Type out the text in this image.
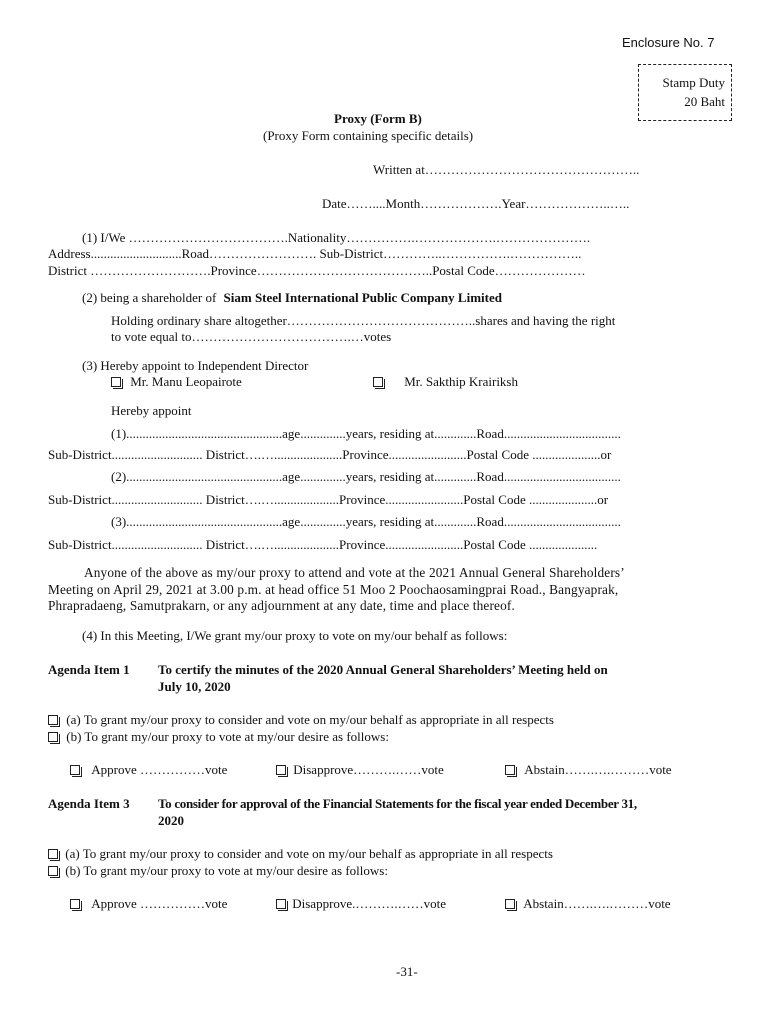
Enclosure No. 7
Stamp Duty
20 Baht
Proxy (Form B)
(Proxy Form containing specific details)
Written at…………………………………………..
Date……....Month……………….Year………………..…..
(1) I/We ……………………………….Nationality…………….……………….………………….
Address............................Road……………………. Sub-District…………..…………….……………..
District ……………………….Province…………………………………..Postal Code…………………
(2) being a shareholder of Siam Steel International Public Company Limited
Holding ordinary share altogether……………………………………..shares and having the right
to vote equal to……………………………….…votes
(3) Hereby appoint to Independent Director
Mr. Manu Leopairote	Mr. Sakthip Krairiksh
Hereby appoint
(1)................................................age..............years, residing at.............Road....................................
Sub-District............................ District….….....................Province........................Postal Code .....................or
(2)................................................age..............years, residing at.............Road....................................
Sub-District............................ District….…....................Province........................Postal Code .....................or
(3)................................................age..............years, residing at.............Road....................................
Sub-District............................ District….…....................Province........................Postal Code .....................
Anyone of the above as my/our proxy to attend and vote at the 2021 Annual General Shareholders’
Meeting on April 29, 2021 at 3.00 p.m. at head office 51 Moo 2 Poochaosamingprai Road., Bangyaprak,
Phrapradaeng, Samutprakarn, or any adjournment at any date, time and place thereof.
(4) In this Meeting, I/We grant my/our proxy to vote on my/our behalf as follows:
Agenda Item 1 To certify the minutes of the 2020 Annual General Shareholders’ Meeting held on
July 10, 2020
(a) To grant my/our proxy to consider and vote on my/our behalf as appropriate in all respects
(b) To grant my/our proxy to vote at my/our desire as follows:
Approve ……………vote	Disapprove……….……vote	Abstain…….….………vote
Agenda Item 3 To consider for approval of the Financial Statements for the fiscal year ended December 31,
2020
(a) To grant my/our proxy to consider and vote on my/our behalf as appropriate in all respects
(b) To grant my/our proxy to vote at my/our desire as follows:
Approve ……………vote	Disapprove.……….……vote	Abstain…….….………vote
-31-
